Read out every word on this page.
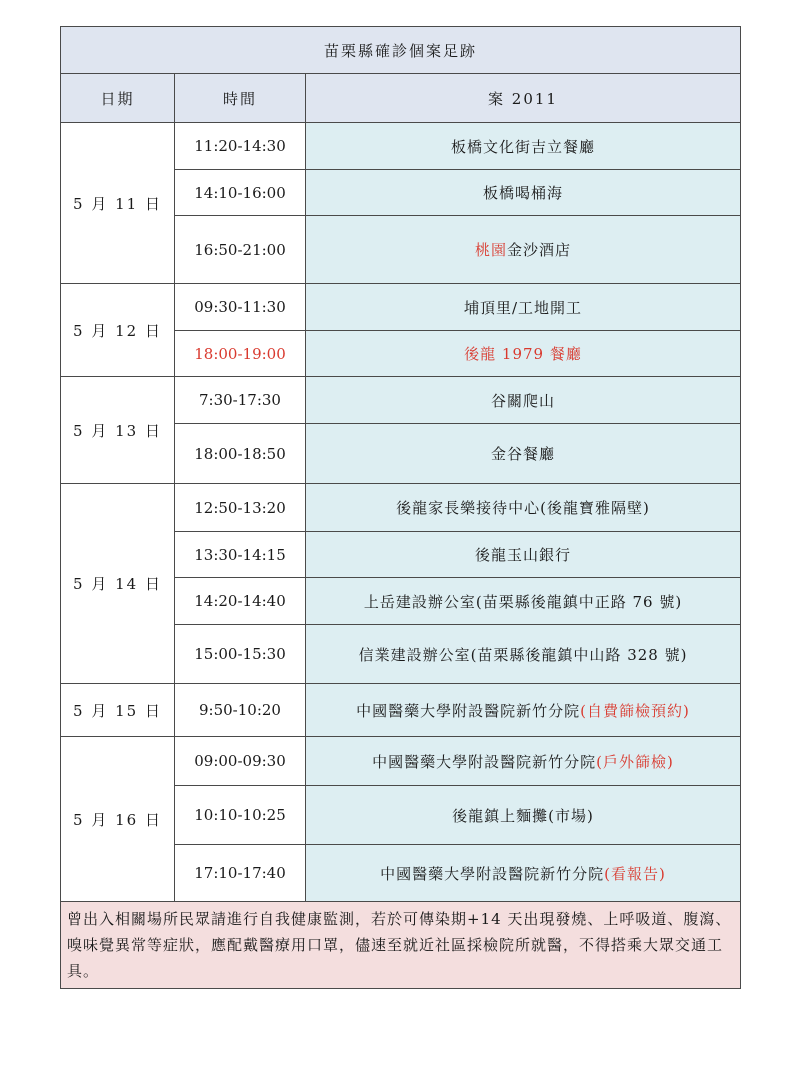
苗栗縣確診個案足跡		
日期	時間	案 2011
5 月 11 日	11:20-14:30	板橋文化街吉立餐廳
	14:10-16:00	板橋喝桶海
	16:50-21:00	桃園金沙酒店
5 月 12 日	09:30-11:30	埔頂里/工地開工
	18:00-19:00	後龍 1979 餐廳
5 月 13 日	7:30-17:30	谷關爬山
	18:00-18:50	金谷餐廳
5 月 14 日	12:50-13:20	後龍家長樂接待中心(後龍寶雅隔壁)
	13:30-14:15	後龍玉山銀行
	14:20-14:40	上岳建設辦公室(苗栗縣後龍鎮中正路 76 號)
	15:00-15:30	信業建設辦公室(苗栗縣後龍鎮中山路 328 號)
5 月 15 日	9:50-10:20	中國醫藥大學附設醫院新竹分院(自費篩檢預約)
5 月 16 日	09:00-09:30	中國醫藥大學附設醫院新竹分院(戶外篩檢)
	10:10-10:25	後龍鎮上麵攤(市場)
	17:10-17:40	中國醫藥大學附設醫院新竹分院(看報告)
曾出入相關場所民眾請進行自我健康監測，若於可傳染期+14 天出現發燒、上呼吸道、腹瀉、嗅味覺異常等症狀，應配戴醫療用口罩，儘速至就近社區採檢院所就醫，不得搭乘大眾交通工具。		
